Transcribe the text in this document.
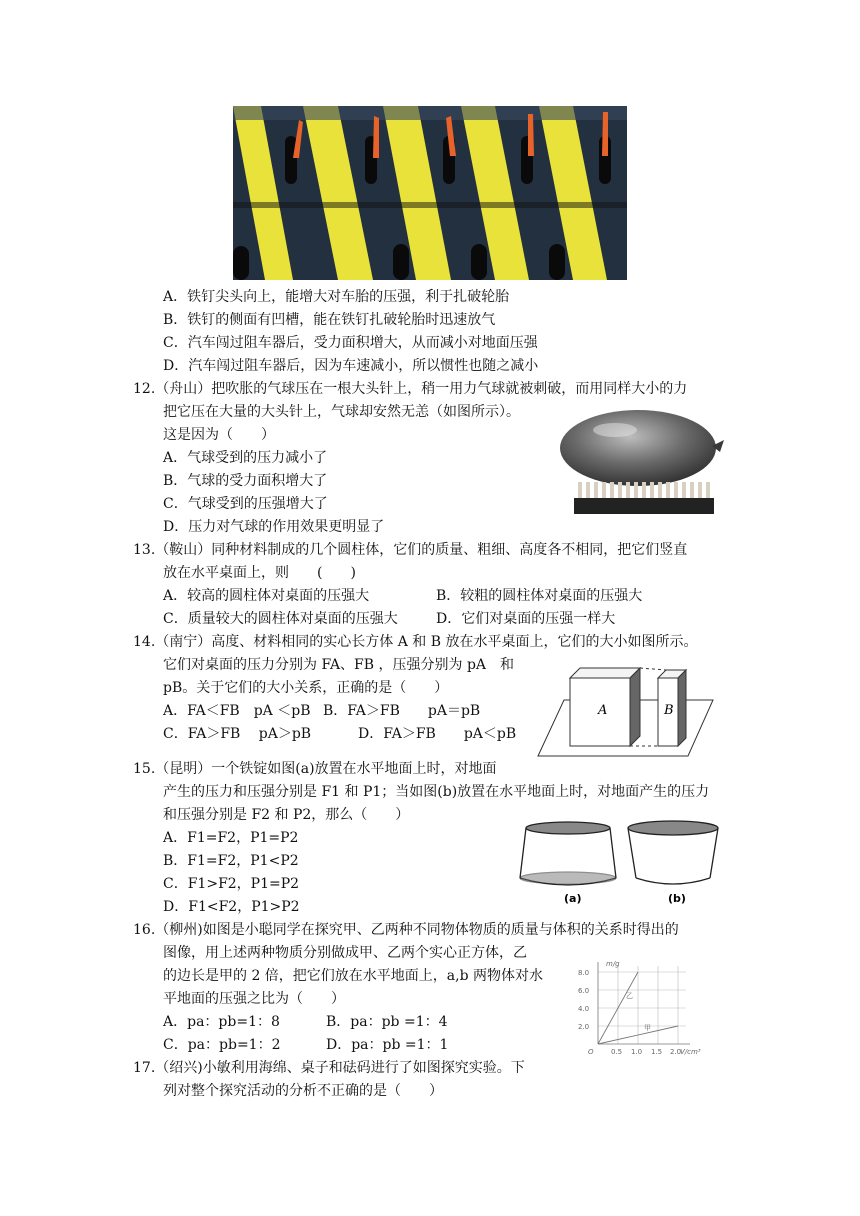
A．铁钉尖头向上，能增大对车胎的压强，利于扎破轮胎
B．铁钉的侧面有凹槽，能在铁钉扎破轮胎时迅速放气
C．汽车闯过阻车器后，受力面积增大，从而减小对地面压强
D．汽车闯过阻车器后，因为车速减小，所以惯性也随之减小
12.（舟山）把吹胀的气球压在一根大头针上，稍一用力气球就被刺破，而用同样大小的力
把它压在大量的大头针上，气球却安然无恙（如图所示）。
这是因为（　　）
A．气球受到的压力减小了
B．气球的受力面积增大了
C．气球受到的压强增大了
D．压力对气球的作用效果更明显了
13.（鞍山）同种材料制成的几个圆柱体，它们的质量、粗细、高度各不相同，把它们竖直
放在水平桌面上，则　　(　　)
A．较高的圆柱体对桌面的压强大	B．较粗的圆柱体对桌面的压强大
C．质量较大的圆柱体对桌面的压强大	D．它们对桌面的压强一样大
14.（南宁）高度、材料相同的实心长方体 A 和 B 放在水平桌面上，它们的大小如图所示。
它们对桌面的压力分别为 FA、FB ，压强分别为 pA　和
pB。关于它们的大小关系，正确的是（　　）
A．FA＜FB　pA ＜pB B．FA＞FB　　pA＝pB
C．FA＞FB　 pA＞pB	D．FA＞FB　　pA＜pB
A	B
15.（昆明）一个铁锭如图(a)放置在水平地面上时，对地面
产生的压力和压强分别是 F1 和 P1；当如图(b)放置在水平地面上时，对地面产生的压力
和压强分别是 F2 和 P2，那么（　　）
A．F1=F2，P1=P2
B．F1=F2，P1<P2
C．F1>F2，P1=P2
D．F1<F2，P1>P2
(a)	(b)
16.（柳州)如图是小聪同学在探究甲、乙两种不同物体物质的质量与体积的关系时得出的
图像，用上述两种物质分别做成甲、乙两个实心正方体，乙
的边长是甲的 2 倍，把它们放在水平地面上，a,b 两物体对水
平地面的压强之比为（　　）
A．pa：pb=1：8	B．pa：pb =1：4
C．pa：pb=1：2	D．pa：pb =1：1
m/g
2.0
4.0
6.0
8.0
O 0.5 1.0 1.5 2.0
V/cm³
乙
甲
17.（绍兴)小敏利用海绵、桌子和砝码进行了如图探究实验。下
列对整个探究活动的分析不正确的是（　　）
